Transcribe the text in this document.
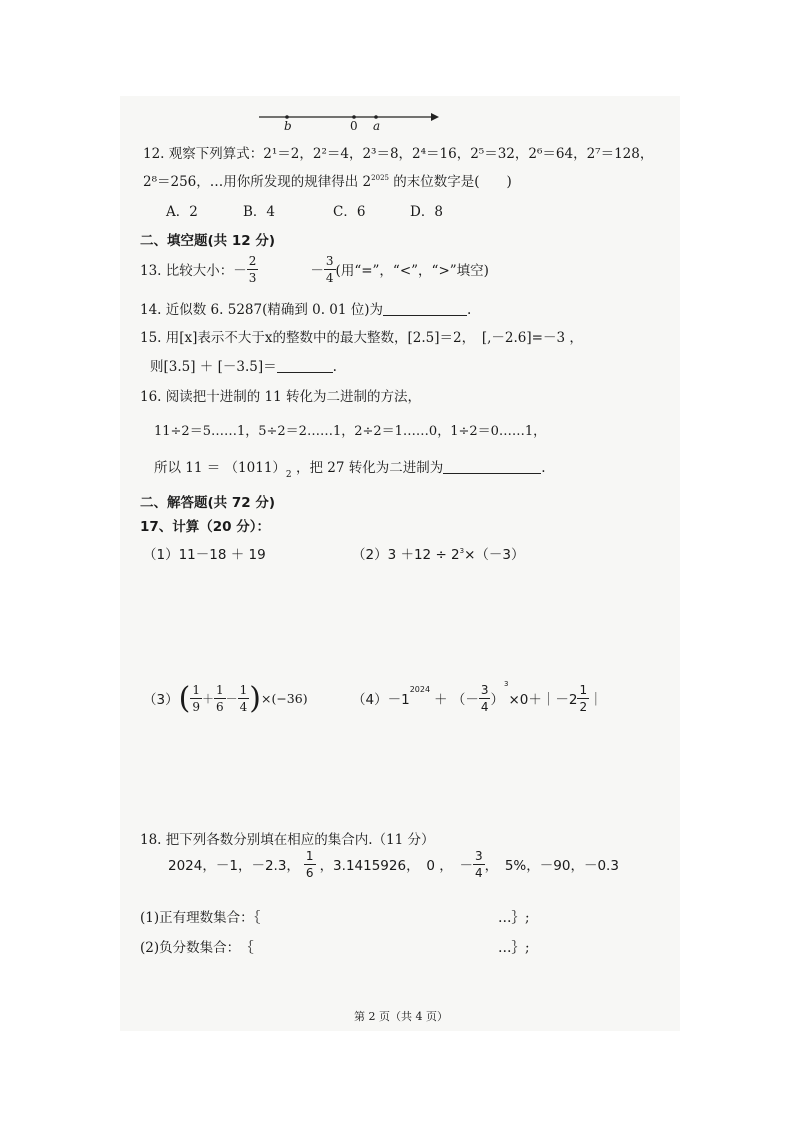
b	0 a
12. 观察下列算式：2¹＝2，2²＝4，2³＝8，2⁴＝16，2⁵＝32，2⁶＝64，2⁷＝128，
2⁸＝256，…用你所发现的规律得出 $2^{2025}$ 的末位数字是(　　)
A．2	B．4	C．6	D．8
二、填空题(共 12 分)
13. 比较大小：－ $\frac{2}{3}$	－ $\frac{3}{4}$ (用“=”，“<”，“>”填空)
14. 近似数 6. 5287(精确到 0. 01 位)为	.
15. 用[x]表示不大于x的整数中的最大整数，[2.5]＝2，　[,－2.6]=－3 ，
则[3.5] ＋ [－3.5]＝	.
16. 阅读把十进制的 11 转化为二进制的方法，
11÷2＝5……1，5÷2＝2……1，2÷2＝1……0，1÷2＝0……1，
所以 $11 = (1011)_2$ ，把 27 转化为二进制为	.
二、解答题(共 72 分)
17、计算（20 分）：
（1）11－18 ＋ 19	$(2)3 +12 \div 2^3\times(-3)$
（3） ( $\frac{1}{9} + \frac{1}{6} - \frac{1}{4}$ ) ×(−36)	（4）－1
2024
＋ （－ $\frac{3}{4}$ ）
3
×0＋｜－2 $\frac{1}{2}$ ｜
18. 把下列各数分别填在相应的集合内.（11 分）
2024，－1，－2.3， $\frac{1}{6}$ ，3.1415926，　0 ，　－ $\frac{3}{4}$ ，　5%，－90，－0.3
(1)正有理数集合：｛	…｝;
(2)负分数集合：　｛	…｝;
第 2 页（共 4 页）
